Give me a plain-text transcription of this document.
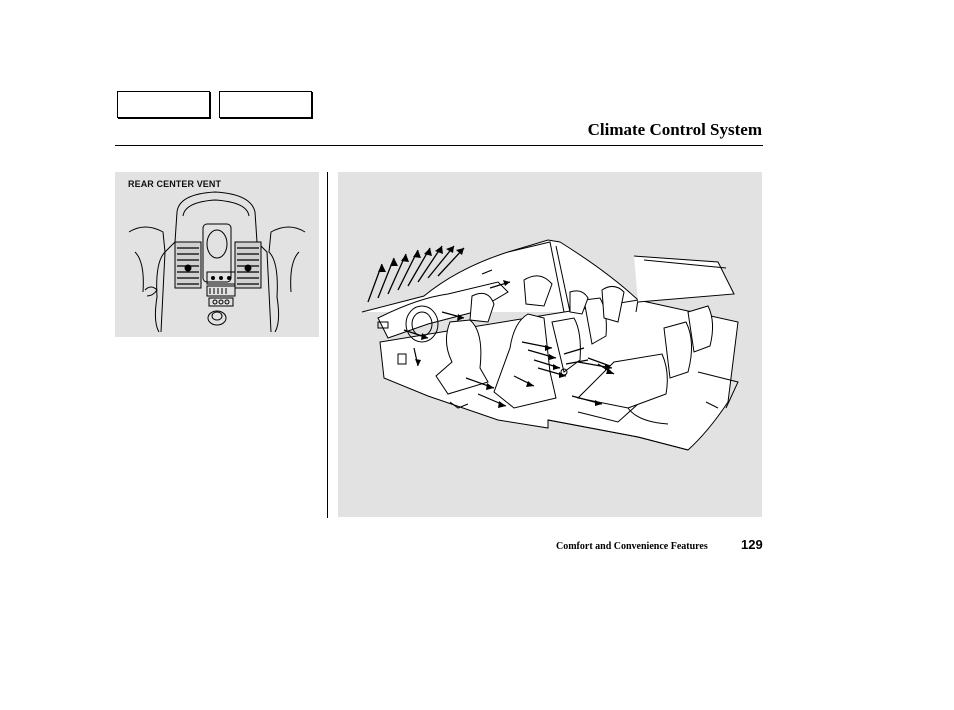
Climate Control System
REAR CENTER VENT
Comfort and Convenience Features	129
